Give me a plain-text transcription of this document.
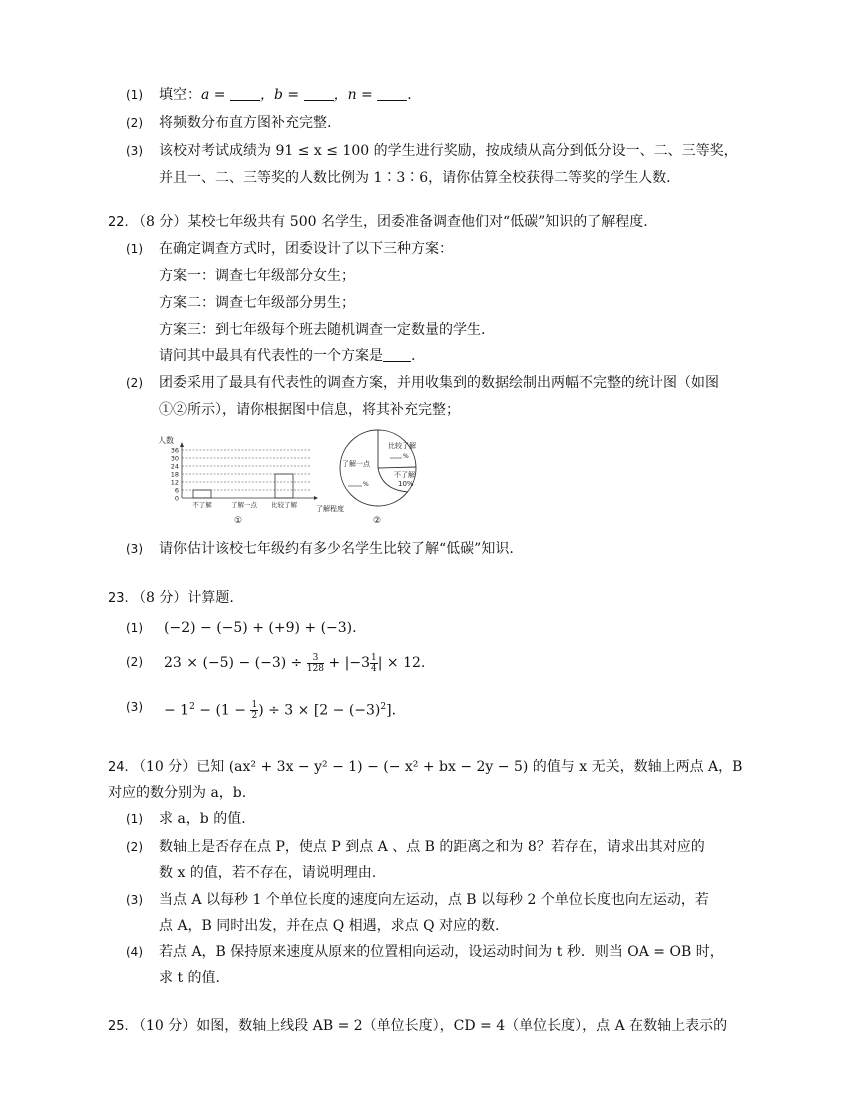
(1) 填空：a = ，b = ，n = .
(2) 将频数分布直方图补充完整.
(3) 该校对考试成绩为 91 ≤ x ≤ 100 的学生进行奖励，按成绩从高分到低分设一、二、三等奖，
并且一、二、三等奖的人数比例为 1∶3∶6，请你估算全校获得二等奖的学生人数.
22. （8 分）某校七年级共有 500 名学生，团委准备调查他们对“低碳”知识的了解程度.
(1) 在确定调查方式时，团委设计了以下三种方案：
方案一：调查七年级部分女生；
方案二：调查七年级部分男生；
方案三：到七年级每个班去随机调查一定数量的学生.
请问其中最具有代表性的一个方案是 .
(2) 团委采用了最具有代表性的调查方案，并用收集到的数据绘制出两幅不完整的统计图（如图
①②所示），请你根据图中信息，将其补充完整；
人数
0
6
12
18
24
30
36
不了解	了解一点 比较了解	了解程度
①
比较了解
%
了解一点
%
不了解
10%
②
(3) 请你估计该校七年级约有多少名学生比较了解“低碳”知识.
23. （8 分）计算题.
(1) (−2) − (−5) + (+9) + (−3).
(2) $23 \times (-5) - (-3) \div \frac{3}{128} + |-3 \frac{1}{4}$ | × 12.
$(3) - 1^2 - (1 - \frac{1}{2}$ ) ÷ $3 \times [2 - (-3)^2]$.
24. （10 分）已知 (ax² + 3x − y² − 1) − (− x² + bx − 2y − 5) 的值与 x 无关，数轴上两点 A，B
对应的数分别为 a，b.
(1) 求 a，b 的值.
(2) 数轴上是否存在点 P，使点 P 到点 A 、点 B 的距离之和为 8？若存在，请求出其对应的
数 x 的值，若不存在，请说明理由.
(3) 当点 A 以每秒 1 个单位长度的速度向左运动，点 B 以每秒 2 个单位长度也向左运动，若
点 A，B 同时出发，并在点 Q 相遇，求点 Q 对应的数.
(4) 若点 A，B 保持原来速度从原来的位置相向运动，设运动时间为 t 秒．则当 OA = OB 时，
求 t 的值.
25. （10 分）如图，数轴上线段 AB = 2（单位长度），CD = 4（单位长度），点 A 在数轴上表示的
